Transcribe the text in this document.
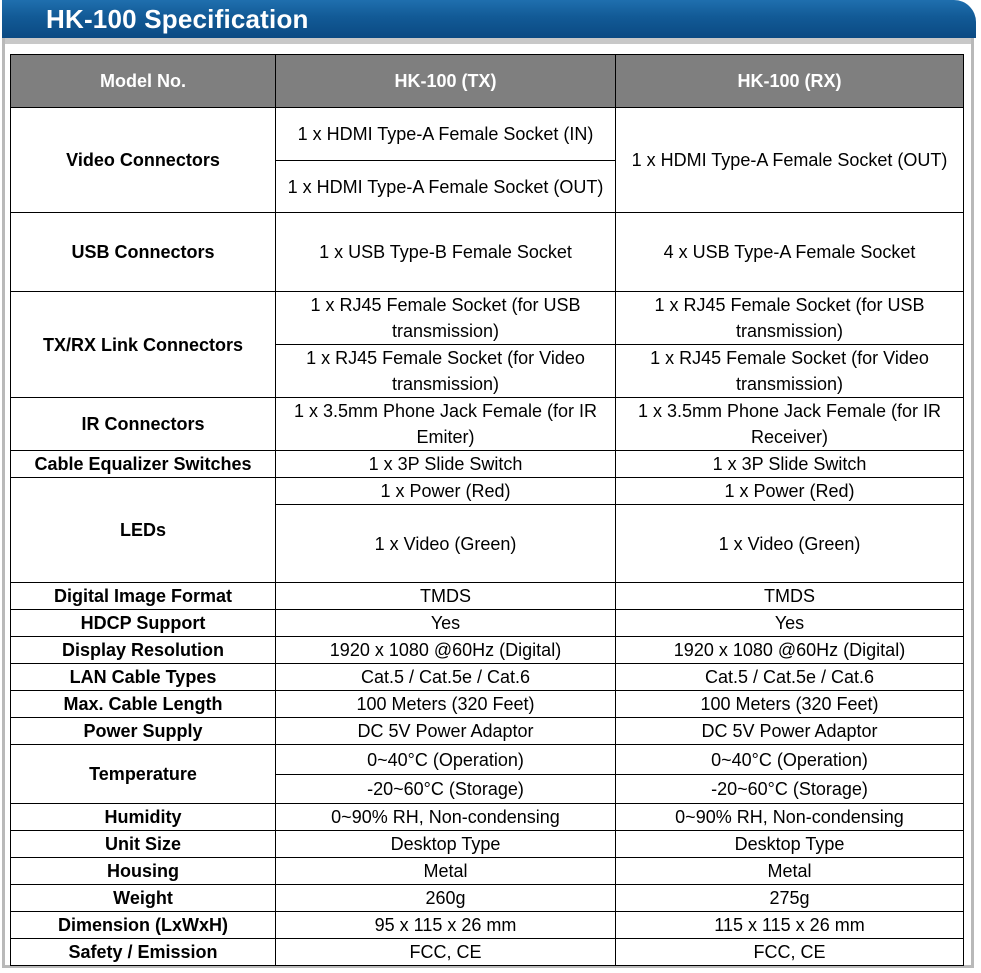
HK-100 Specification
Model No.	HK-100 (TX)	HK-100 (RX)
Video Connectors	1 x HDMI Type-A Female Socket (IN)	1 x HDMI Type-A Female Socket (OUT)
	1 x HDMI Type-A Female Socket (OUT)	
USB Connectors	1 x USB Type-B Female Socket	4 x USB Type-A Female Socket
TX/RX Link Connectors	1 x RJ45 Female Socket (for USB transmission)	1 x RJ45 Female Socket (for USB transmission)
	1 x RJ45 Female Socket (for Video transmission)	1 x RJ45 Female Socket (for Video transmission)
IR Connectors	1 x 3.5mm Phone Jack Female (for IR Emiter)	1 x 3.5mm Phone Jack Female (for IR Receiver)
Cable Equalizer Switches	1 x 3P Slide Switch	1 x 3P Slide Switch
LEDs	1 x Power (Red)	1 x Power (Red)
	1 x Video (Green)	1 x Video (Green)
Digital Image Format	TMDS	TMDS
HDCP Support	Yes	Yes
Display Resolution	1920 x 1080 @60Hz (Digital)	1920 x 1080 @60Hz (Digital)
LAN Cable Types	Cat.5 / Cat.5e / Cat.6	Cat.5 / Cat.5e / Cat.6
Max. Cable Length	100 Meters (320 Feet)	100 Meters (320 Feet)
Power Supply	DC 5V Power Adaptor	DC 5V Power Adaptor
Temperature	0~40°C (Operation)	0~40°C (Operation)
	-20~60°C (Storage)	-20~60°C (Storage)
Humidity	0~90% RH, Non-condensing	0~90% RH, Non-condensing
Unit Size	Desktop Type	Desktop Type
Housing	Metal	Metal
Weight	260g	275g
Dimension (LxWxH)	95 x 115 x 26 mm	115 x 115 x 26 mm
Safety / Emission	FCC, CE	FCC, CE
